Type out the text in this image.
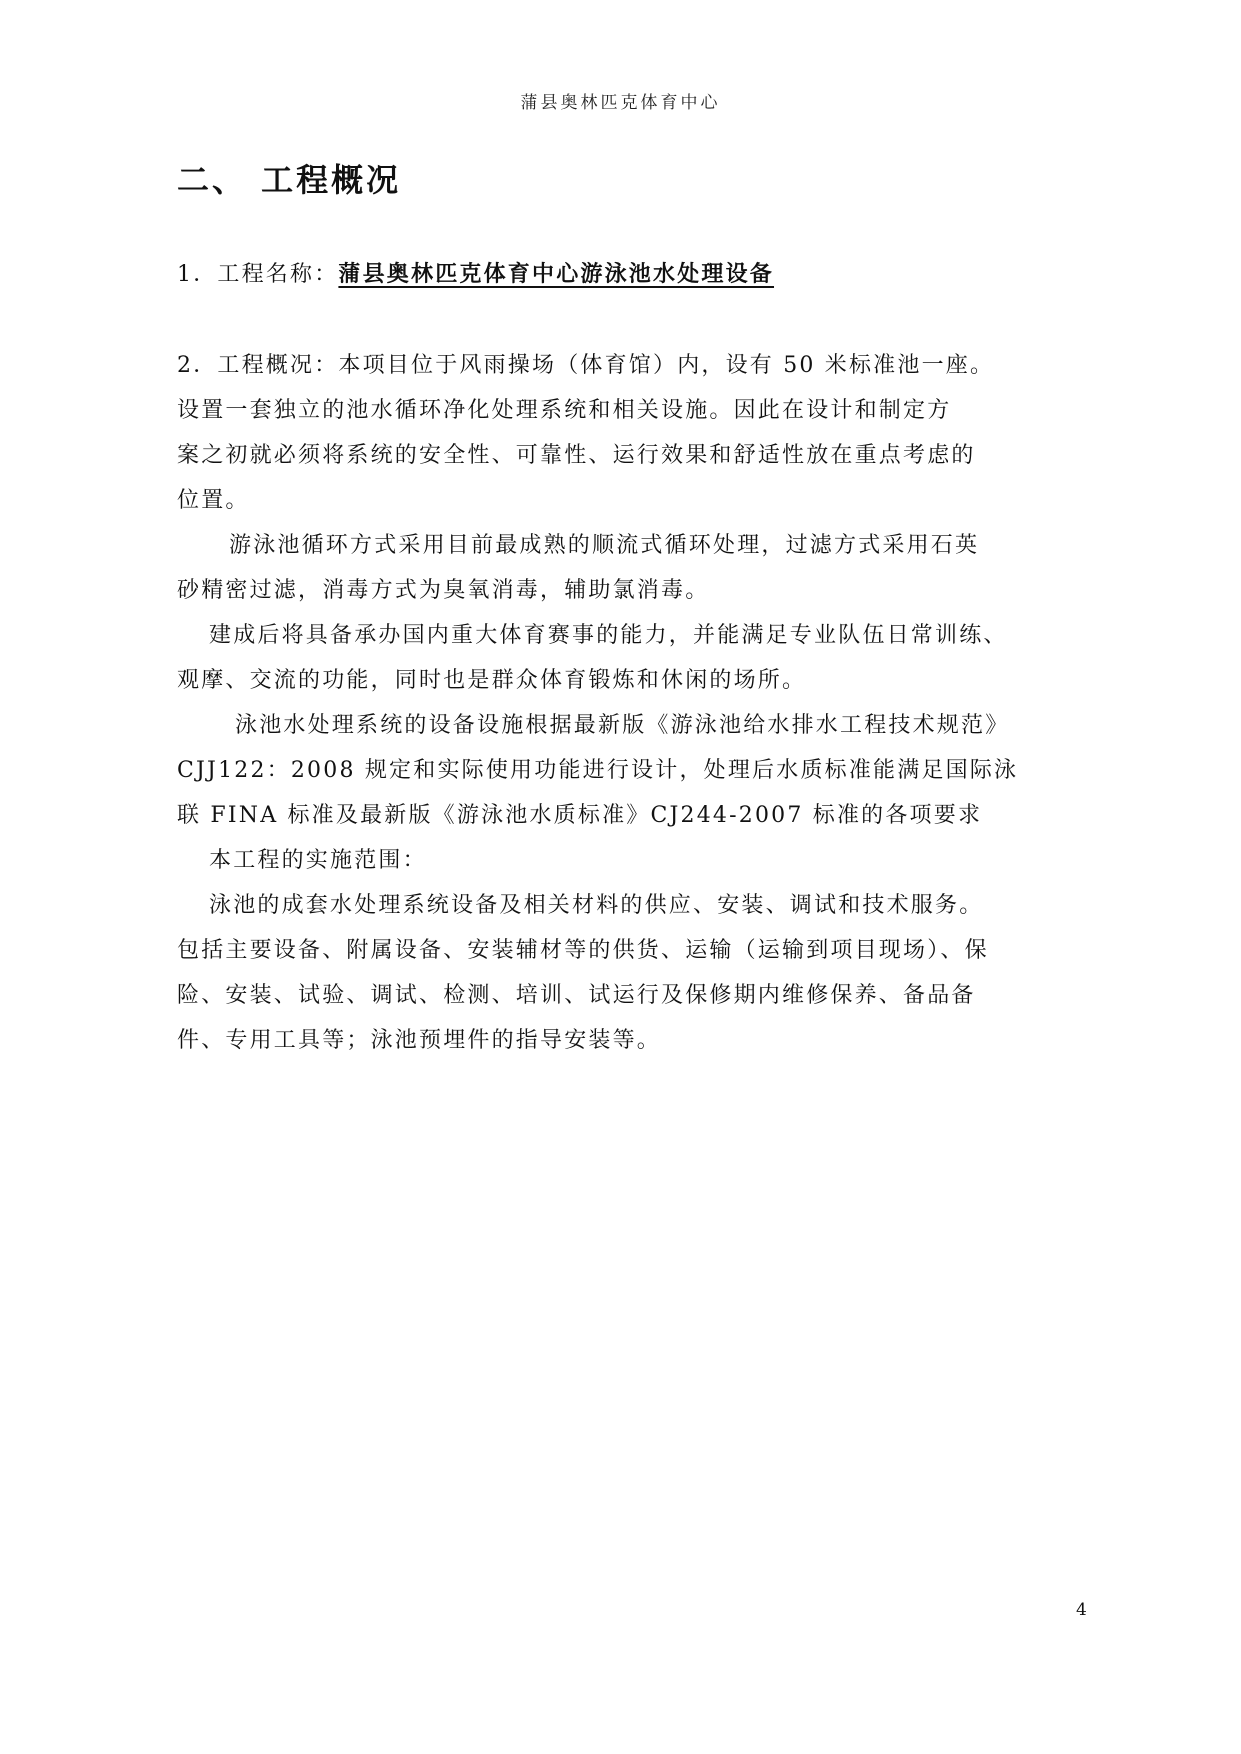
蒲县奥林匹克体育中心
二、 工程概况
1．工程名称：蒲县奥林匹克体育中心游泳池水处理设备
2．工程概况：本项目位于风雨操场（体育馆）内，设有 50 米标准池一座。
设置一套独立的池水循环净化处理系统和相关设施。因此在设计和制定方
案之初就必须将系统的安全性、可靠性、运行效果和舒适性放在重点考虑的
位置。
游泳池循环方式采用目前最成熟的顺流式循环处理，过滤方式采用石英
砂精密过滤，消毒方式为臭氧消毒，辅助氯消毒。
建成后将具备承办国内重大体育赛事的能力，并能满足专业队伍日常训练、
观摩、交流的功能，同时也是群众体育锻炼和休闲的场所。
泳池水处理系统的设备设施根据最新版《游泳池给水排水工程技术规范》
CJJ122：2008 规定和实际使用功能进行设计，处理后水质标准能满足国际泳
联 FINA 标准及最新版《游泳池水质标准》CJ244-2007 标准的各项要求
本工程的实施范围：
泳池的成套水处理系统设备及相关材料的供应、安装、调试和技术服务。
包括主要设备、附属设备、安装辅材等的供货、运输（运输到项目现场）、保
险、安装、试验、调试、检测、培训、试运行及保修期内维修保养、备品备
件、专用工具等；泳池预埋件的指导安装等。
4
